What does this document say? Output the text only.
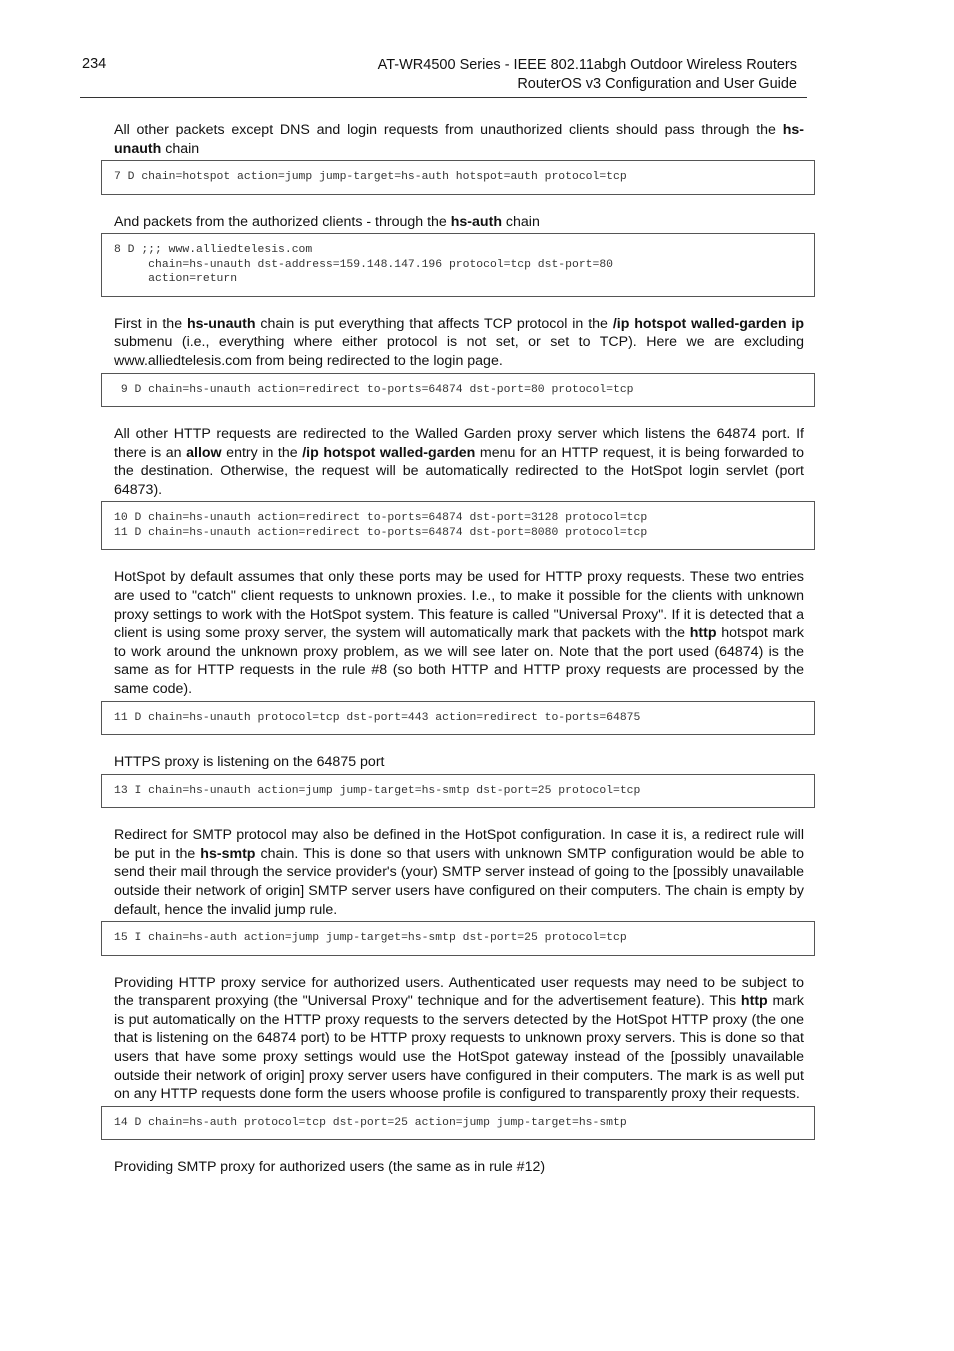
234	AT-WR4500 Series - IEEE 802.11abgh Outdoor Wireless Routers
RouterOS v3 Configuration and User Guide

All other packets except DNS and login requests from unauthorized clients should pass through the hs-unauth chain

7 D chain=hotspot action=jump jump-target=hs-auth hotspot=auth protocol=tcp

And packets from the authorized clients - through the hs-auth chain

8 D ;;; www.alliedtelesis.com
chain=hs-unauth dst-address=159.148.147.196 protocol=tcp dst-port=80
action=return

First in the hs-unauth chain is put everything that affects TCP protocol in the /ip hotspot walled-garden ip submenu (i.e., everything where either protocol is not set, or set to TCP). Here we are excluding www.alliedtelesis.com from being redirected to the login page.

9 D chain=hs-unauth action=redirect to-ports=64874 dst-port=80 protocol=tcp

All other HTTP requests are redirected to the Walled Garden proxy server which listens the 64874 port. If there is an allow entry in the /ip hotspot walled-garden menu for an HTTP request, it is being forwarded to the destination. Otherwise, the request will be automatically redirected to the HotSpot login servlet (port 64873).

10 D chain=hs-unauth action=redirect to-ports=64874 dst-port=3128 protocol=tcp
11 D chain=hs-unauth action=redirect to-ports=64874 dst-port=8080 protocol=tcp

HotSpot by default assumes that only these ports may be used for HTTP proxy requests. These two entries are used to "catch" client requests to unknown proxies. I.e., to make it possible for the clients with unknown proxy settings to work with the HotSpot system. This feature is called "Universal Proxy". If it is detected that a client is using some proxy server, the system will automatically mark that packets with the http hotspot mark to work around the unknown proxy problem, as we will see later on. Note that the port used (64874) is the same as for HTTP requests in the rule #8 (so both HTTP and HTTP proxy requests are processed by the same code).

11 D chain=hs-unauth protocol=tcp dst-port=443 action=redirect to-ports=64875

HTTPS proxy is listening on the 64875 port

13 I chain=hs-unauth action=jump jump-target=hs-smtp dst-port=25 protocol=tcp

Redirect for SMTP protocol may also be defined in the HotSpot configuration. In case it is, a redirect rule will be put in the hs-smtp chain. This is done so that users with unknown SMTP configuration would be able to send their mail through the service provider's (your) SMTP server instead of going to the [possibly unavailable outside their network of origin] SMTP server users have configured on their computers. The chain is empty by default, hence the invalid jump rule.

15 I chain=hs-auth action=jump jump-target=hs-smtp dst-port=25 protocol=tcp

Providing HTTP proxy service for authorized users. Authenticated user requests may need to be subject to the transparent proxying (the "Universal Proxy" technique and for the advertisement feature). This http mark is put automatically on the HTTP proxy requests to the servers detected by the HotSpot HTTP proxy (the one that is listening on the 64874 port) to be HTTP proxy requests to unknown proxy servers. This is done so that users that have some proxy settings would use the HotSpot gateway instead of the [possibly unavailable outside their network of origin] proxy server users have configured in their computers. The mark is as well put on any HTTP requests done form the users whoose profile is configured to transparently proxy their requests.

14 D chain=hs-auth protocol=tcp dst-port=25 action=jump jump-target=hs-smtp

Providing SMTP proxy for authorized users (the same as in rule #12)
